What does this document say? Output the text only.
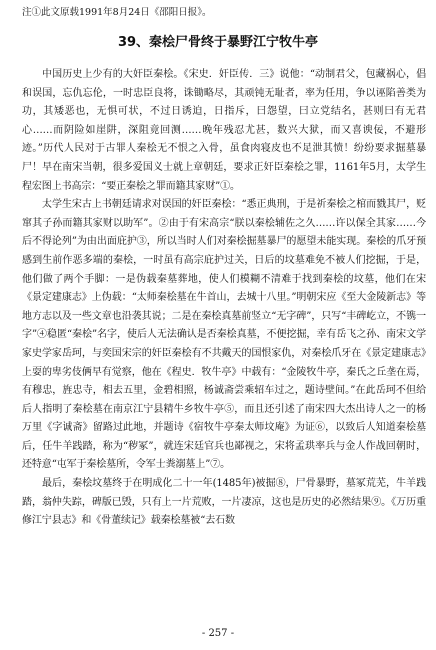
注①此文原载1991年8月24日《邵阳日报》。
39、秦桧尸骨终于暴野江宁牧牛亭

中国历史上少有的大奸臣秦桧。《宋史．奸臣传．三》说他：“动制君父，包藏祸心，倡和误国，忘仇忘伦，一时忠臣良将，诛锄略尽，其顽钝无耻者，率为任用，争以诬陷善类为功，其矮恶也，无惧可状，不过日诱迫，日指斥，曰怨望，曰立党结名，甚则曰有无君心……而阴险如崖阱，深阻竟回测……晚年残忍尤甚，数兴大狱，而又喜谀佞，不避形迹。”历代人民对于古罪人秦桧无不恨之入骨，虽食肉寝皮也不足泄其愤！纷纷要求掘墓暴尸！早在南宋当朝，很多爱国义士就上章朝廷，要求正奸臣秦桧之罪，1161年5月，太学生程宏图上书高宗：“要正秦桧之罪而籍其家财”①。

太学生宋古上书朝廷请求对误国的奸臣秦桧：“悉正典刑，于是祈秦桧之棺而戮其尸，贬窜其子孙而籍其家财以助军”。②由于有宋高宗“朕以秦桧辅佐之久……许以保全其家……今后不得论列”为由出面庇护③，所以当时人们对秦桧掘墓暴尸的愿望未能实现。秦桧的爪牙预感到生前作恶多端的秦桧，一时虽有高宗庇护过关，日后的坟墓难免不被人们挖掘，于是，他们做了两个手脚：一是伪载秦墓葬地，使人们模糊不清难于找到秦桧的坟墓，他们在宋《景定建康志》上伪载：“太师秦桧墓在牛首山，去城十八里。”明朝宋应《至大金陵新志》等地方志以及一些文章也沿袭其说；二是在秦桧真墓前竖立“无字碑”，只写“丰碑屹立，不镌一字”④稳匿“秦桧”名字，使后人无法确认是否秦桧真墓，不便挖掘，幸有岳飞之孙、南宋文学家史学家岳珂，与奕国宋宗的奸臣秦桧有不共戴天的国恨家仇，对秦桧爪牙在《景定建康志》上耍的卑劣伎俩早有觉察，他在《程史．牧牛亭》中载有：“金陵牧牛亭，秦氏之丘垄在焉，有穆忠，旌忠寺，相去五里，金碧相照，杨诚斋尝乘轺车过之，题诗壁间。”在此岳珂不但给后人指明了秦桧墓在南京江宁县精牛乡牧牛亭⑤，而且还引述了南宋四大杰出诗人之一的杨万里《字诚斋》留路过此地，并题诗《宿牧牛亭秦太师坟庵》为证⑥，以致后人知道秦桧墓后，任牛羊践踏，称为“秽冢”，就连宋廷官兵也鄙视之，宋将孟珙率兵与金人作战回朝时，还特意“屯军于秦桧墓所，令军士粪溺墓上”⑦。

最后，秦桧坟墓终于在明成化二十一年(1485年)被掘⑧，尸骨暴野，墓冢荒芜，牛羊践踏，翁仲失踪，碑版已毁，只有上一片荒败，一片凄凉，这也是历史的必然结果⑨。《万历重修江宁县志》和《骨董续记》载秦桧墓被“去石数

- 257 -
